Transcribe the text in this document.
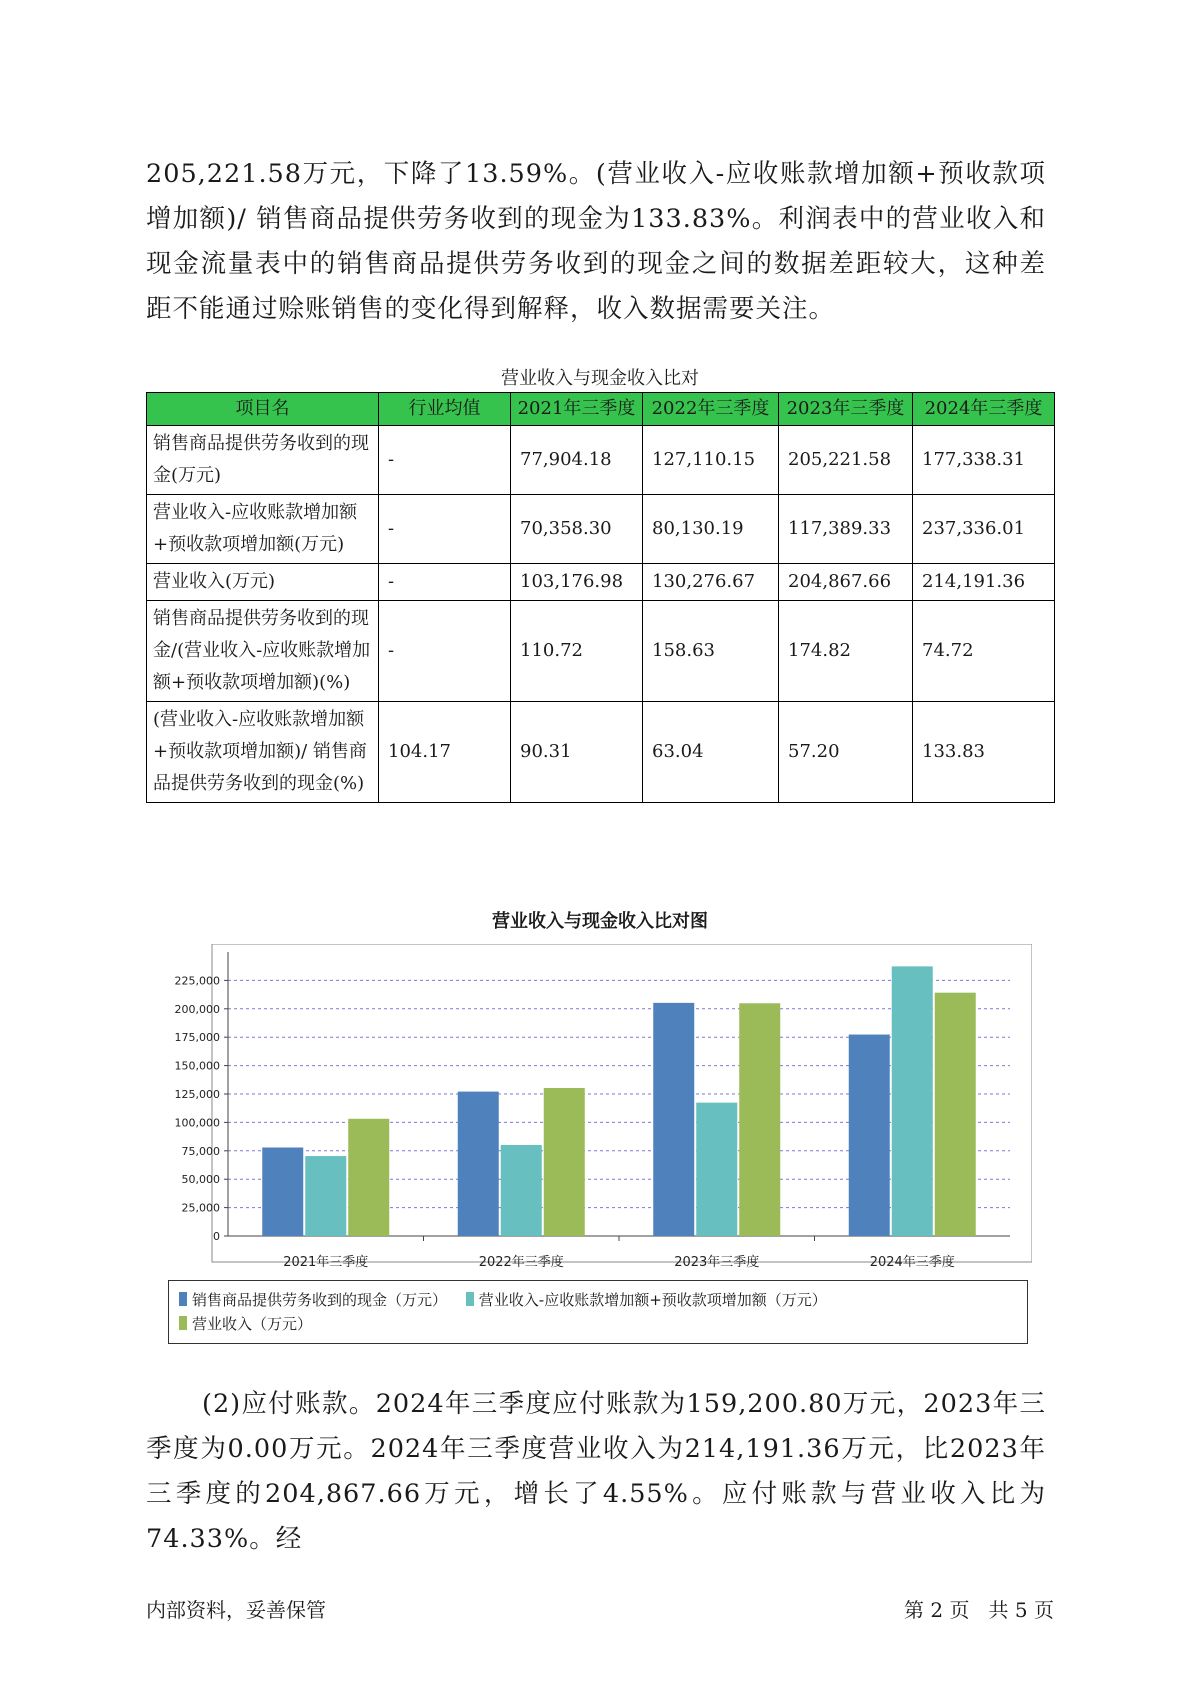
205,221.58万元，下降了13.59%。(营业收入-应收账款增加额+预收款项增加额)/ 销售商品提供劳务收到的现金为133.83%。利润表中的营业收入和现金流量表中的销售商品提供劳务收到的现金之间的数据差距较大，这种差距不能通过赊账销售的变化得到解释，收入数据需要关注。

营业收入与现金收入比对
项目名	行业均值	2021年三季度	2022年三季度	2023年三季度	2024年三季度
销售商品提供劳务收到的现金(万元)	-	77,904.18	127,110.15	205,221.58	177,338.31
营业收入-应收账款增加额+预收款项增加额(万元)	-	70,358.30	80,130.19	117,389.33	237,336.01
营业收入(万元)	-	103,176.98	130,276.67	204,867.66	214,191.36
销售商品提供劳务收到的现金/(营业收入-应收账款增加额+预收款项增加额)(%)	-	110.72	158.63	174.82	74.72
(营业收入-应收账款增加额+预收款项增加额)/ 销售商品提供劳务收到的现金(%)	104.17	90.31	63.04	57.20	133.83
营业收入与现金收入比对图
0
25,000
50,000
75,000
100,000
125,000
150,000
175,000
200,000
225,000
2021年三季度	2022年三季度	2023年三季度	2024年三季度
销售商品提供劳务收到的现金（万元）
营业收入-应收账款增加额+预收款项增加额（万元）

营业收入（万元）

(2)应付账款。2024年三季度应付账款为159,200.80万元，2023年三季度为0.00万元。2024年三季度营业收入为214,191.36万元，比2023年三季度的204,867.66万元，增长了4.55%。应付账款与营业收入比为74.33%。经

内部资料，妥善保管	第 2 页   共 5 页
